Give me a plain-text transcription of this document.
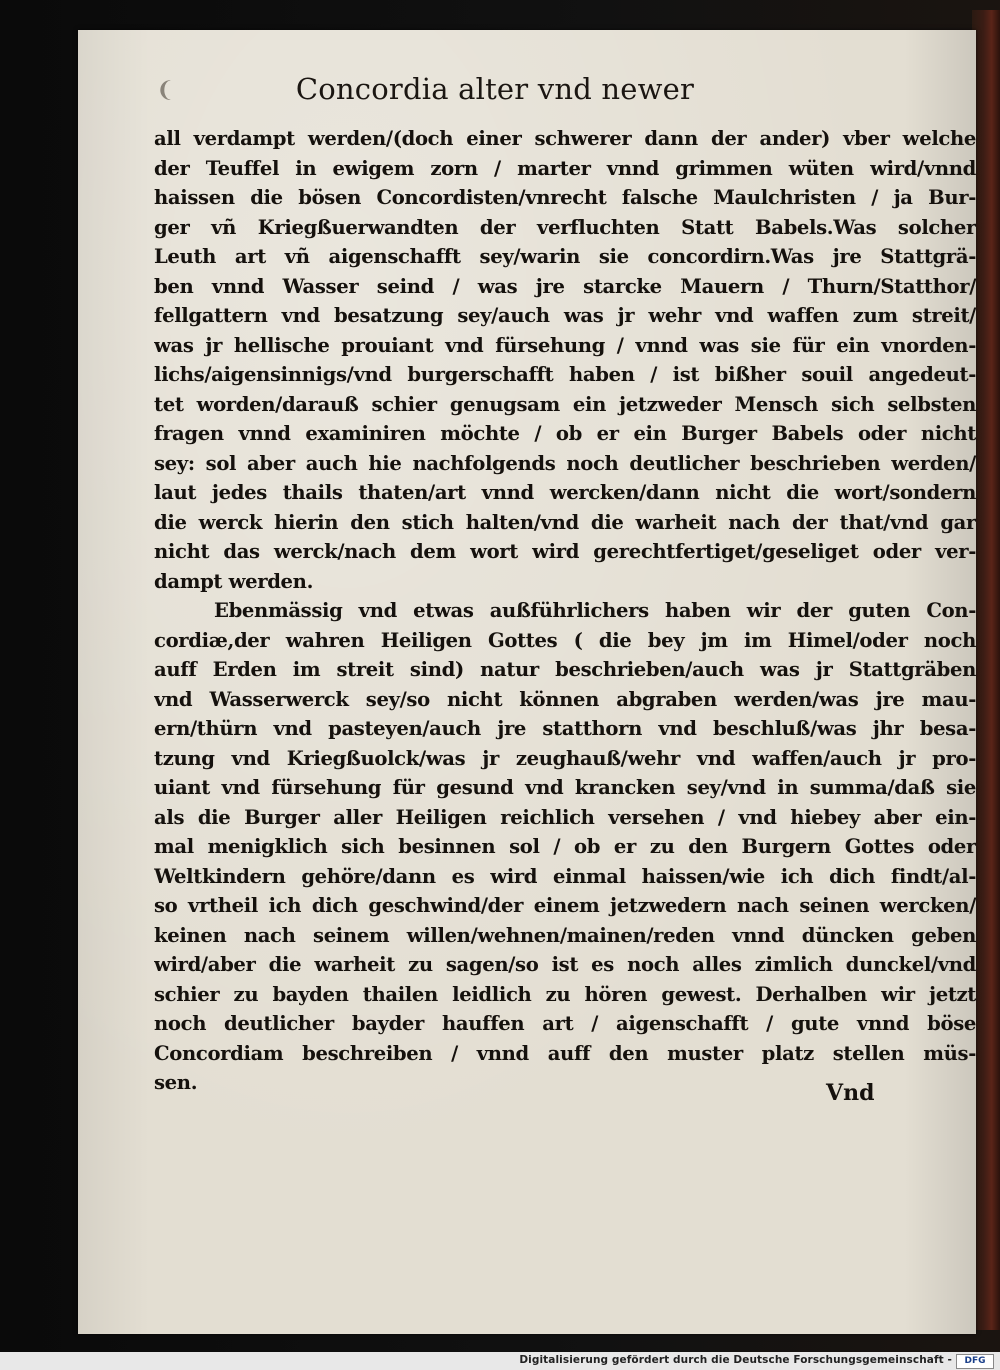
❨	Concordia alter vnd newer
all verdampt werden/(doch einer schwerer dann der ander) vber welche
der Teuffel in ewigem zorn / marter vnnd grimmen wüten wird/vnnd
haissen die bösen Concordisten/vnrecht falsche Maulchristen / ja Bur-
ger vñ Kriegßuerwandten der verfluchten Statt Babels.Was solcher
Leuth art vñ aigenschafft sey/warin sie concordirn.Was jre Stattgrä-
ben vnnd Wasser seind / was jre starcke Mauern / Thurn/Statthor/
fellgattern vnd besatzung sey/auch was jr wehr vnd waffen zum streit/
was jr hellische prouiant vnd fürsehung / vnnd was sie für ein vnorden-
lichs/aigensinnigs/vnd burgerschafft haben / ist bißher souil angedeut-
tet worden/darauß schier genugsam ein jetzweder Mensch sich selbsten
fragen vnnd examiniren möchte / ob er ein Burger Babels oder nicht
sey: sol aber auch hie nachfolgends noch deutlicher beschrieben werden/
laut jedes thails thaten/art vnnd wercken/dann nicht die wort/sondern
die werck hierin den stich halten/vnd die warheit nach der that/vnd gar
nicht das werck/nach dem wort wird gerechtfertiget/geseliget oder ver-
dampt werden.
Ebenmässig vnd etwas außführlichers haben wir der guten Con-
cordiæ,der wahren Heiligen Gottes ( die bey jm im Himel/oder noch
auff Erden im streit sind) natur beschrieben/auch was jr Stattgräben
vnd Wasserwerck sey/so nicht können abgraben werden/was jre mau-
ern/thürn vnd pasteyen/auch jre statthorn vnd beschluß/was jhr besa-
tzung vnd Kriegßuolck/was jr zeughauß/wehr vnd waffen/auch jr pro-
uiant vnd fürsehung für gesund vnd krancken sey/vnd in summa/daß sie
als die Burger aller Heiligen reichlich versehen / vnd hiebey aber ein-
mal menigklich sich besinnen sol / ob er zu den Burgern Gottes oder
Weltkindern gehöre/dann es wird einmal haissen/wie ich dich findt/al-
so vrtheil ich dich geschwind/der einem jetzwedern nach seinen wercken/
keinen nach seinem willen/wehnen/mainen/reden vnnd düncken geben
wird/aber die warheit zu sagen/so ist es noch alles zimlich dunckel/vnd
schier zu bayden thailen leidlich zu hören gewest. Derhalben wir jetzt
noch deutlicher bayder hauffen art / aigenschafft / gute vnnd böse
Concordiam beschreiben / vnnd auff den muster platz stellen müs-
sen.	Vnd
Digitalisierung gefördert durch die Deutsche Forschungsgemeinschaft -	DFG
